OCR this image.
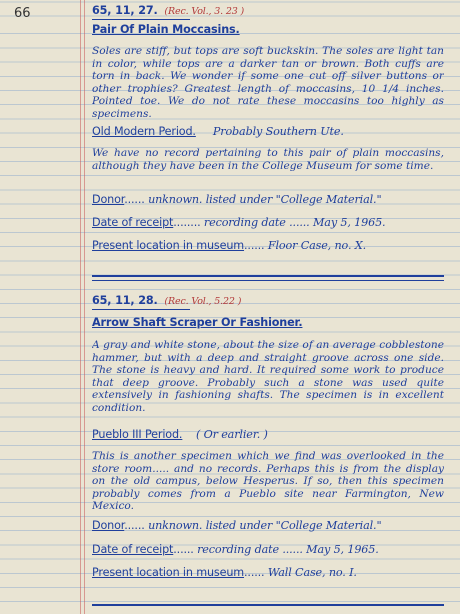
66	65, 11, 27. (Rec. Vol., 3. 23 )
Pair Of Plain Moccasins.
Soles are stiff, but tops are soft buckskin. The soles are light tan in color, while tops are a darker tan or brown. Both cuffs are torn in back. We wonder if some one cut off silver buttons or other trophies? Greatest length of moccasins, 10 1/4 inches. Pointed toe. We do not rate these moccasins too highly as specimens.
Old Modern Period. Probably Southern Ute.
We have no record pertaining to this pair of plain moccasins, although they have been in the College Museum for some time.
Donor...... unknown. listed under "College Material."
Date of receipt........ recording date ...... May 5, 1965.
Present location in museum...... Floor Case, no. X.
65, 11, 28. (Rec. Vol., 5.22 )
Arrow Shaft Scraper Or Fashioner.
A gray and white stone, about the size of an average cobblestone hammer, but with a deep and straight groove across one side. The stone is heavy and hard. It required some work to produce that deep groove. Probably such a stone was used quite extensively in fashioning shafts. The specimen is in excellent condition.
Pueblo III Period. ( Or earlier. )
This is another specimen which we find was overlooked in the store room..... and no records. Perhaps this is from the display on the old campus, below Hesperus. If so, then this specimen probably comes from a Pueblo site near Farmington, New Mexico.
Donor...... unknown. listed under "College Material."
Date of receipt...... recording date ...... May 5, 1965.
Present location in museum...... Wall Case, no. I.
